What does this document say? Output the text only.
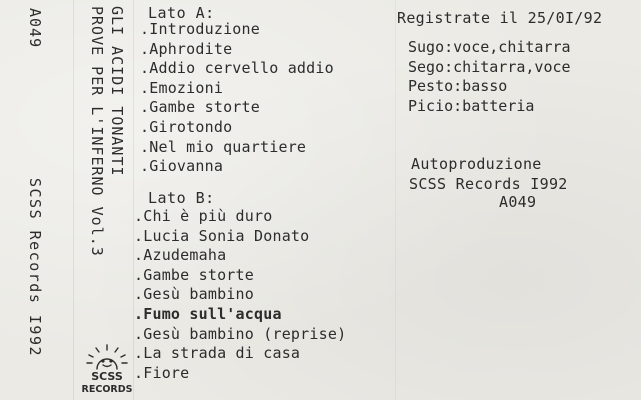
A049
SCSS Records I992
GLI ACIDI TONANTI
PROVE PER L'INFERNO Vol.3	Lato A:
.Introduzione
.Aphrodite
.Addio cervello addio
.Emozioni
.Gambe storte
.Girotondo
.Nel mio quartiere
.Giovanna
Lato B:
.Chi è più duro
.Lucia Sonia Donato
.Azudemaha
.Gambe storte
.Gesù bambino
.Fumo sull'acqua
.Gesù bambino (reprise)
.La strada di casa
.Fiore
Registrate il 25/0I/92
Sugo:voce,chitarra
Sego:chitarra,voce
Pesto:basso
Picio:batteria
Autoproduzione
SCSS Records I992
A049
SCSS
RECORDS
